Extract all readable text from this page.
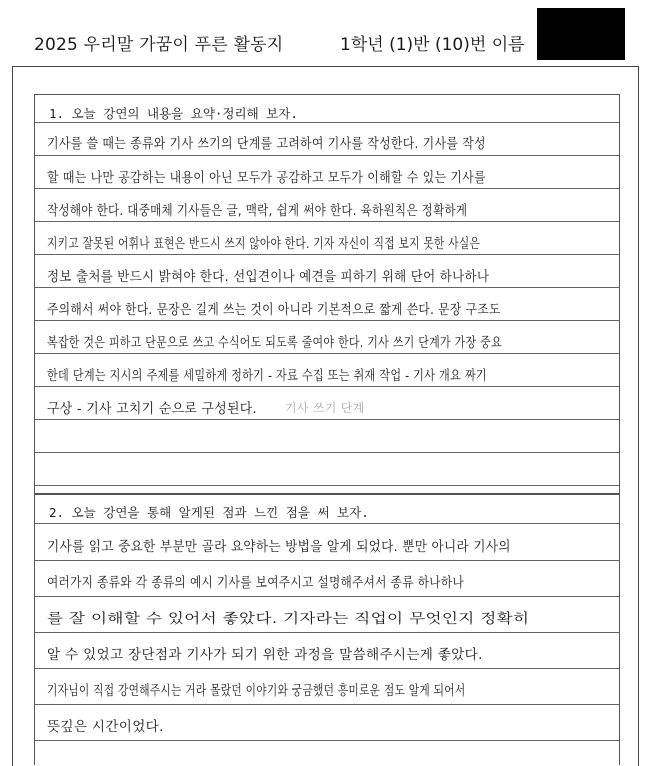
2025 우리말 가꿈이 푸른 활동지	1학년 (1)반 (10)번 이름
1. 오늘 강연의 내용을 요약·정리해 보자.
기사를 쓸 때는 종류와 기사 쓰기의 단계를 고려하여 기사를 작성한다. 기사를 작성
할 때는 나만 공감하는 내용이 아닌 모두가 공감하고 모두가 이해할 수 있는 기사를
작성해야 한다. 대중매체 기사들은 글, 맥락, 쉽게 써야 한다. 육하원칙은 정확하게
지키고 잘못된 어휘나 표현은 반드시 쓰지 않아야 한다. 기자 자신이 직접 보지 못한 사실은
정보 출처를 반드시 밝혀야 한다. 선입견이나 예견을 피하기 위해 단어 하나하나
주의해서 써야 한다. 문장은 길게 쓰는 것이 아니라 기본적으로 짧게 쓴다. 문장 구조도
복잡한 것은 피하고 단문으로 쓰고 수식어도 되도록 줄여야 한다. 기사 쓰기 단계가 가장 중요
한데 단계는 지시의 주제를 세밀하게 정하기 - 자료 수집 또는 취재 작업 - 기사 개요 짜기
구상 - 기사 고치기 순으로 구성된다. 기사 쓰기 단계
2. 오늘 강연을 통해 알게된 점과 느낀 점을 써 보자.
기사를 읽고 중요한 부분만 골라 요약하는 방법을 알게 되었다. 뿐만 아니라 기사의
여러가지 종류와 각 종류의 예시 기사를 보여주시고 설명해주셔서 종류 하나하나
를 잘 이해할 수 있어서 좋았다. 기자라는 직업이 무엇인지 정확히
알 수 있었고 장단점과 기사가 되기 위한 과정을 말씀해주시는게 좋았다.
기자님이 직접 강연해주시는 거라 몰랐던 이야기와 궁금했던 흥미로운 점도 알게 되어서
뜻깊은 시간이었다.
